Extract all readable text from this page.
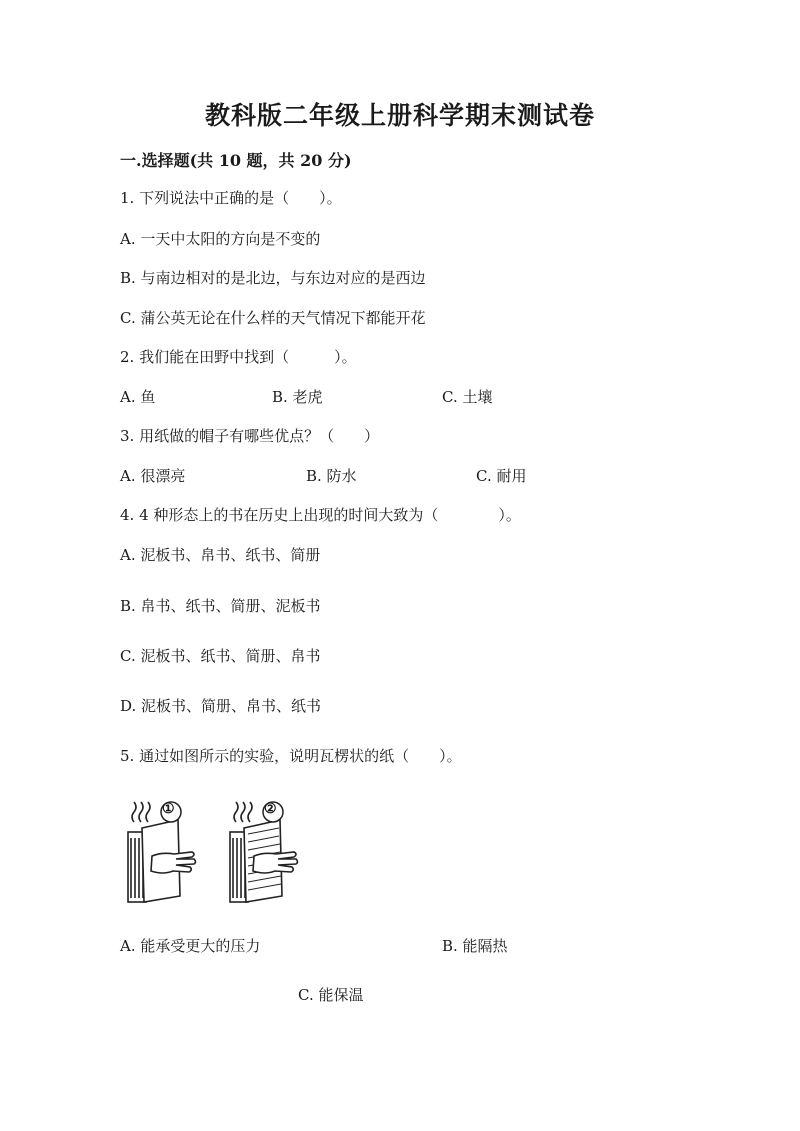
教科版二年级上册科学期末测试卷
一.选择题(共 10 题，共 20 分)
1. 下列说法中正确的是（　　）。
A. 一天中太阳的方向是不变的
B. 与南边相对的是北边，与东边对应的是西边
C. 蒲公英无论在什么样的天气情况下都能开花
2. 我们能在田野中找到（　　　）。
A. 鱼	B. 老虎	C. 土壤
3. 用纸做的帽子有哪些优点？（　　）
A. 很漂亮	B. 防水	C. 耐用
4. 4 种形态上的书在历史上出现的时间大致为（　　　　）。
A. 泥板书、帛书、纸书、简册
B. 帛书、纸书、简册、泥板书
C. 泥板书、纸书、简册、帛书
D. 泥板书、简册、帛书、纸书
5. 通过如图所示的实验，说明瓦楞状的纸（　　）。
①	②
A. 能承受更大的压力	B. 能隔热
C. 能保温
